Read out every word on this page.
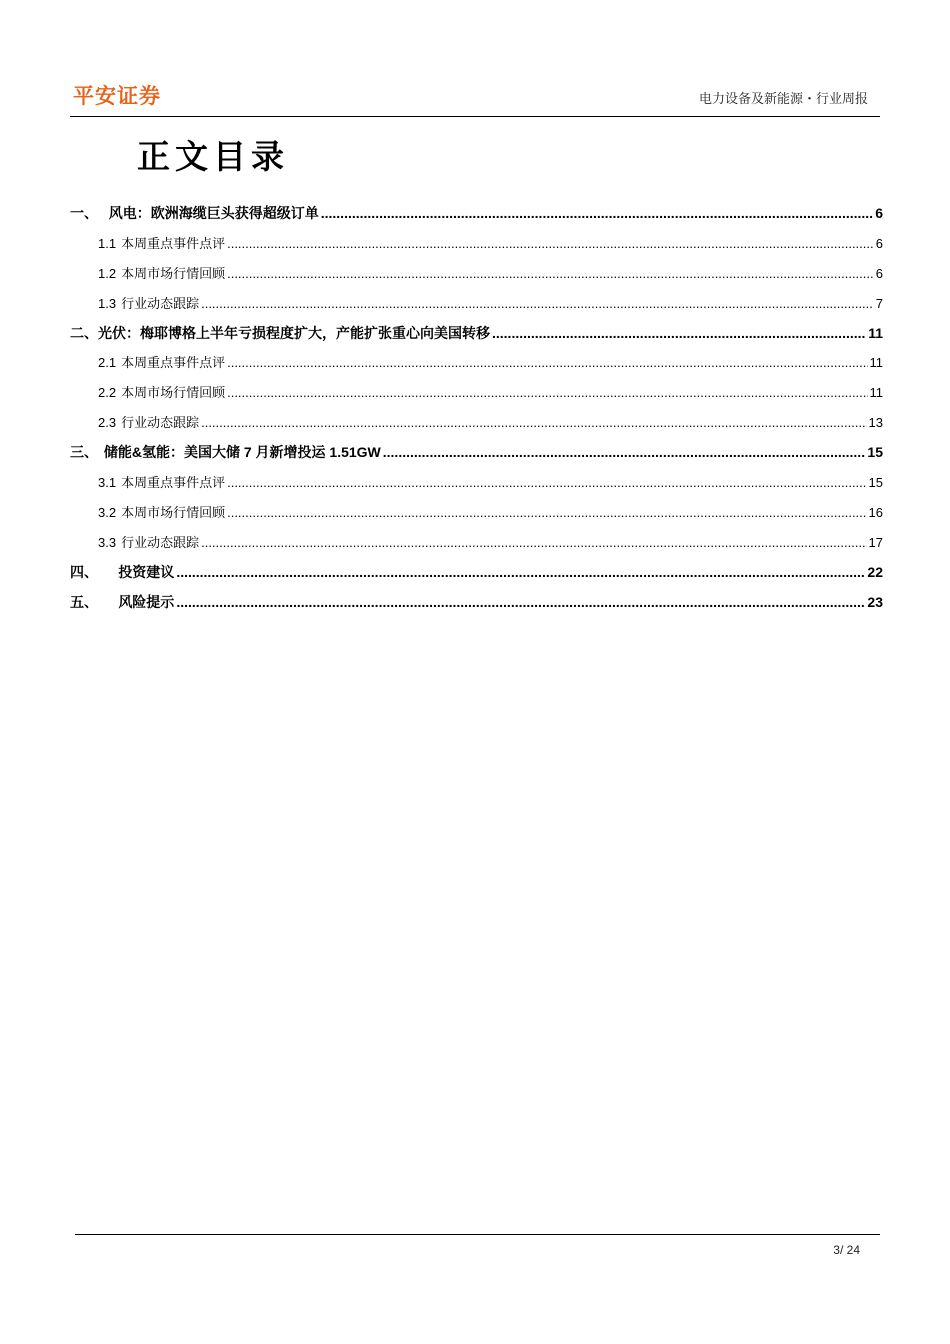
平安证券	电力设备及新能源・行业周报
正文目录
一、 风电：欧洲海缆巨头获得超级订单 .....	6
1.1 本周重点事件点评 .....	6
1.2 本周市场行情回顾 .....	6
1.3 行业动态跟踪 .....	7
二、 光伏：梅耶博格上半年亏损程度扩大，产能扩张重心向美国转移 .....	11
2.1 本周重点事件点评 .....	11
2.2 本周市场行情回顾 .....	11
2.3 行业动态跟踪 .....	13
三、 储能&氢能：美国大储 7 月新增投运 1.51GW .....	15
3.1 本周重点事件点评 .....	15
3.2 本周市场行情回顾 .....	16
3.3 行业动态跟踪 .....	17
四、	投资建议 .....	22
五、	风险提示 .....	23
3/ 24
